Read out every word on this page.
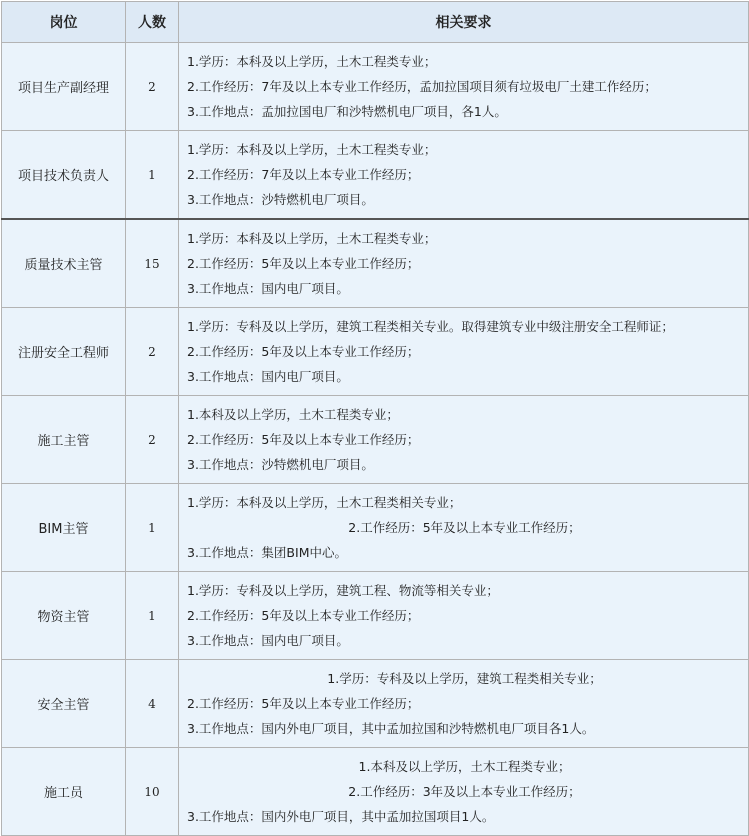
岗位	人数	相关要求
项目生产副经理	2	1.学历：本科及以上学历，土木工程类专业；
2.工作经历：7年及以上本专业工作经历，孟加拉国项目须有垃圾电厂土建工作经历；
3.工作地点：孟加拉国电厂和沙特燃机电厂项目，各1人。

项目技术负责人	1	1.学历：本科及以上学历，土木工程类专业；
2.工作经历：7年及以上本专业工作经历；
3.工作地点：沙特燃机电厂项目。

质量技术主管	15	1.学历：本科及以上学历，土木工程类专业；
2.工作经历：5年及以上本专业工作经历；
3.工作地点：国内电厂项目。

注册安全工程师	2	1.学历：专科及以上学历，建筑工程类相关专业。取得建筑专业中级注册安全工程师证；
2.工作经历：5年及以上本专业工作经历；
3.工作地点：国内电厂项目。

施工主管	2	1.本科及以上学历，土木工程类专业；
2.工作经历：5年及以上本专业工作经历；
3.工作地点：沙特燃机电厂项目。

BIM主管	1	1.学历：本科及以上学历，土木工程类相关专业；
2.工作经历：5年及以上本专业工作经历；
3.工作地点：集团BIM中心。

物资主管	1	1.学历：专科及以上学历，建筑工程、物流等相关专业；
2.工作经历：5年及以上本专业工作经历；
3.工作地点：国内电厂项目。

安全主管	4	1.学历：专科及以上学历，建筑工程类相关专业；
2.工作经历：5年及以上本专业工作经历；
3.工作地点：国内外电厂项目，其中孟加拉国和沙特燃机电厂项目各1人。

施工员	10	1.本科及以上学历，土木工程类专业；
2.工作经历：3年及以上本专业工作经历；
3.工作地点：国内外电厂项目，其中孟加拉国项目1人。
